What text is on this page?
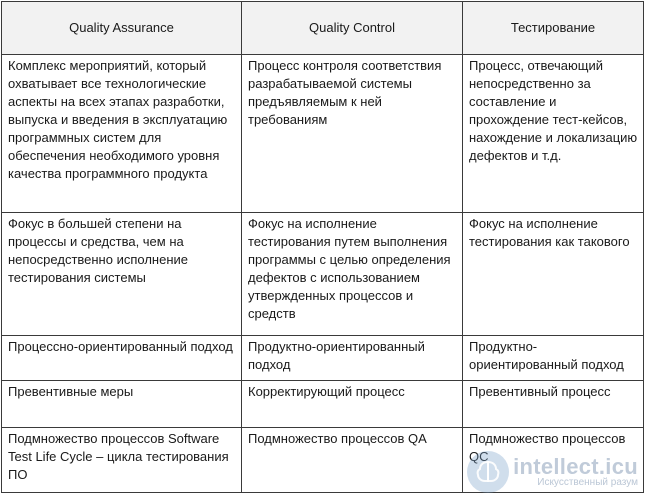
Quality Assurance	Quality Control	Тестирование
Комплекс мероприятий, который охватывает все технологические аспекты на всех этапах разработки, выпуска и введения в эксплуатацию программных систем для обеспечения необходимого уровня качества программного продукта	Процесс контроля соответствия разрабатываемой системы предъявляемым к ней требованиям	Процесс, отвечающий непосредственно за составление и прохождение тест-кейсов, нахождение и локализацию дефектов и т.д.
Фокус в большей степени на процессы и средства, чем на непосредственно исполнение тестирования системы	Фокус на исполнение тестирования путем выполнения программы с целью определения дефектов с использованием утвержденных процессов и средств	Фокус на исполнение тестирования как такового
Процессно-ориентированный подход	Продуктно-ориентированный подход	Продуктно-ориентированный подход
Превентивные меры	Корректирующий процесс	Превентивный процесс
Подмножество процессов Software Test Life Cycle – цикла тестирования ПО	Подмножество процессов QA	Подмножество процессов QC intellect.icu
Искусственный разум
